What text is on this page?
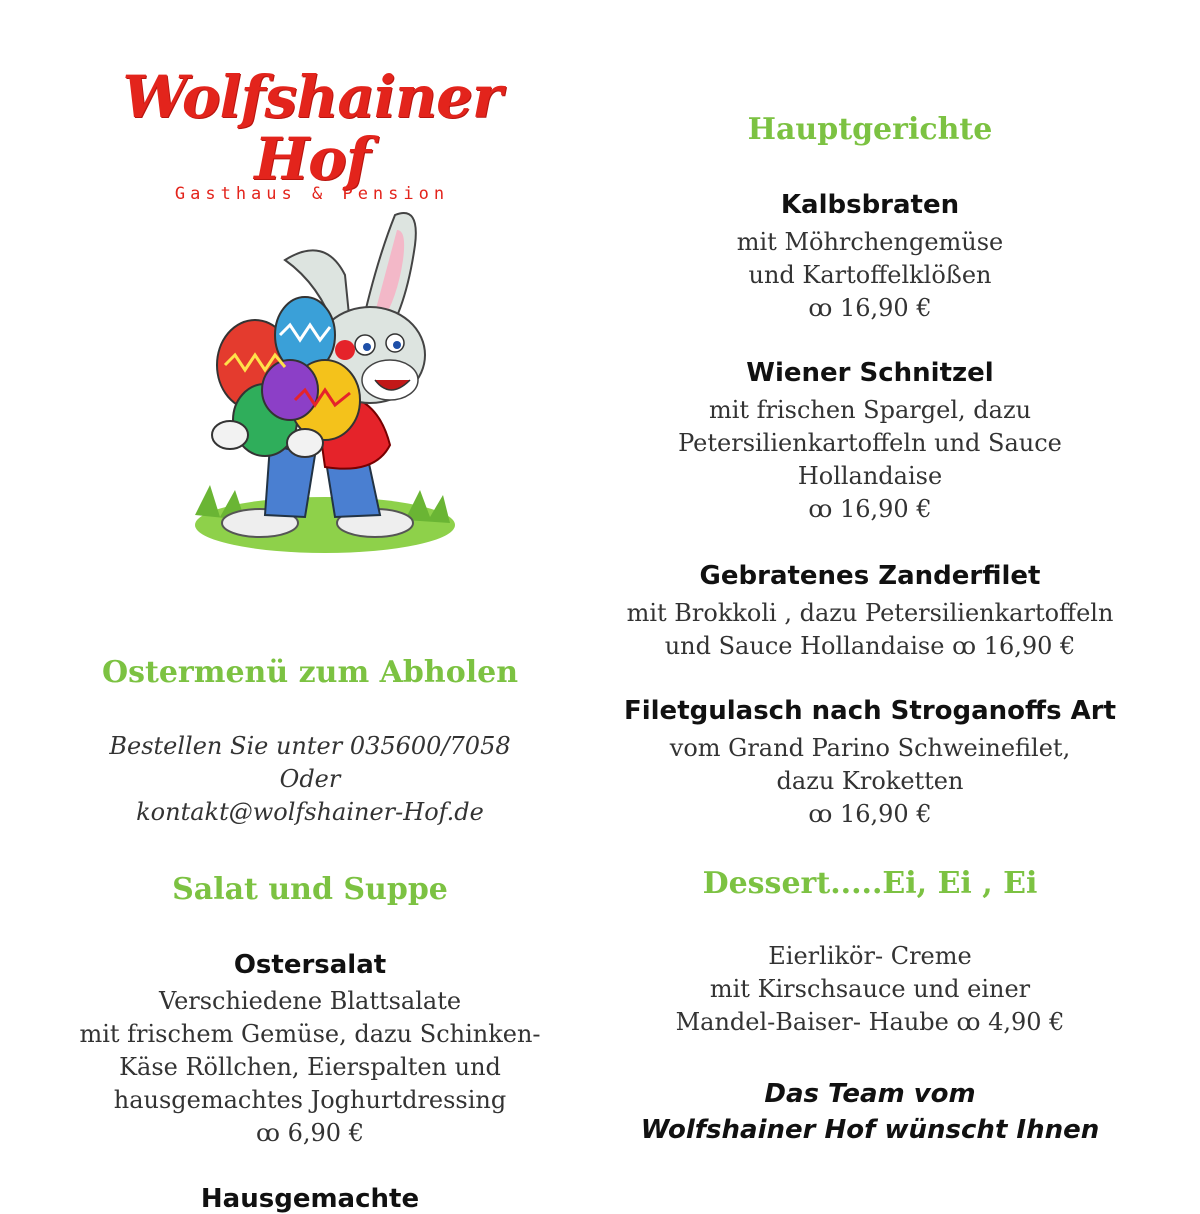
Wolfshainer Hof
Gasthaus & Pension
Ostermenü zum Abholen
Bestellen Sie unter 035600/7058
Oder
kontakt@wolfshainer-Hof.de
Salat und Suppe
Ostersalat
Verschiedene Blattsalate
mit frischem Gemüse, dazu Schinken-
Käse Röllchen, Eierspalten und
hausgemachtes Joghurtdressing
ꝏ 6,90 €
Hausgemachte
Hauptgerichte
Kalbsbraten
mit Möhrchengemüse
und Kartoffelklößen
ꝏ 16,90 €
Wiener Schnitzel
mit frischen Spargel, dazu
Petersilienkartoffeln und Sauce
Hollandaise
ꝏ 16,90 €
Gebratenes Zanderfilet
mit Brokkoli , dazu Petersilienkartoffeln
und Sauce Hollandaise ꝏ 16,90 €
Filetgulasch nach Stroganoffs Art
vom Grand Parino Schweinefilet,
dazu Kroketten
ꝏ 16,90 €
Dessert.....Ei, Ei , Ei
Eierlikör- Creme
mit Kirschsauce und einer
Mandel-Baiser- Haube ꝏ 4,90 €
Das Team vom
Wolfshainer Hof wünscht Ihnen
